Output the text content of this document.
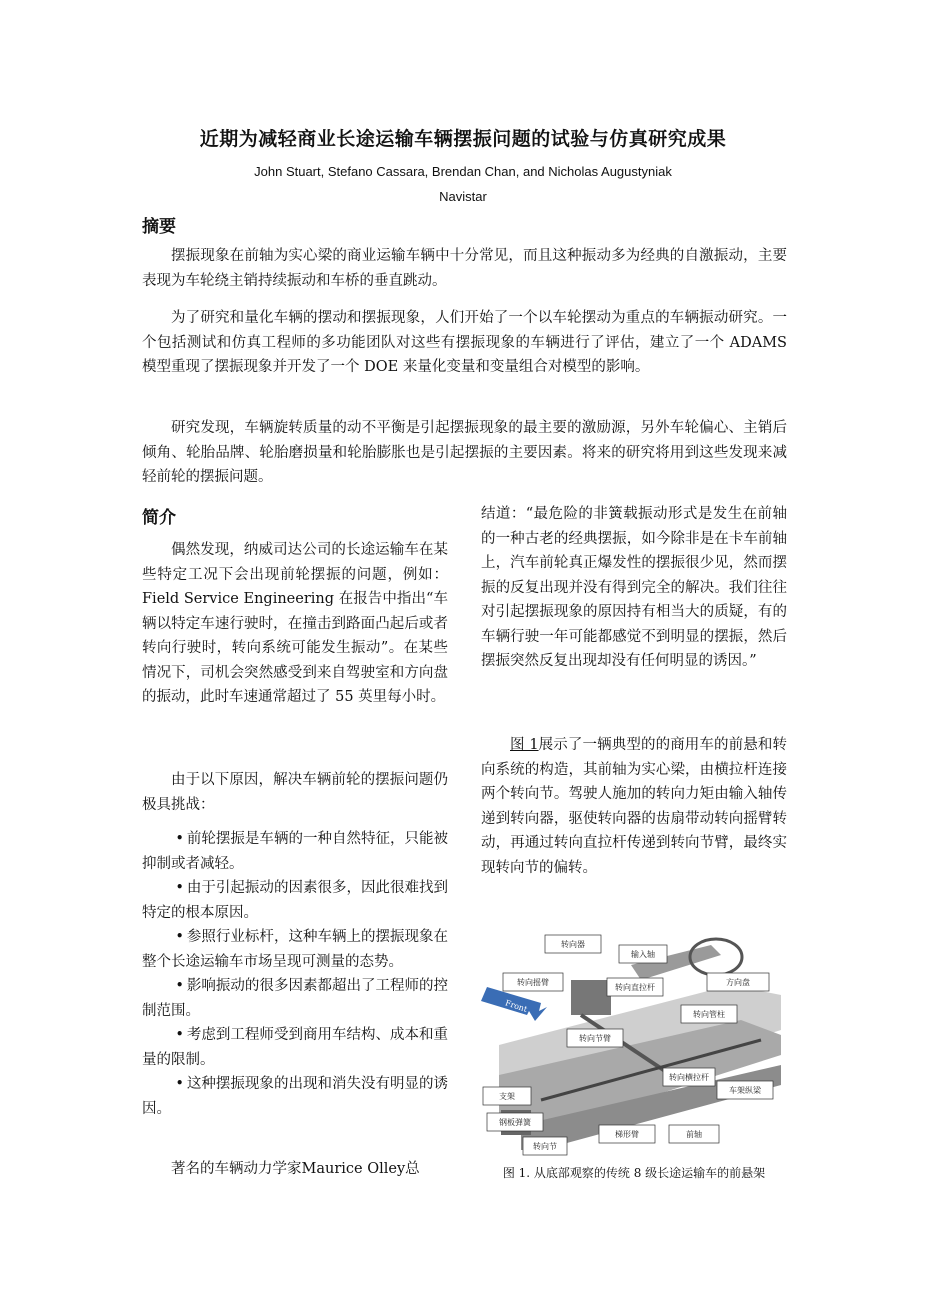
近期为减轻商业长途运输车辆摆振问题的试验与仿真研究成果
John Stuart, Stefano Cassara, Brendan Chan, and Nicholas Augustyniak
Navistar
摘要

摆振现象在前轴为实心梁的商业运输车辆中十分常见，而且这种振动多为经典的自激振动，主要表现为车轮绕主销持续振动和车桥的垂直跳动。

为了研究和量化车辆的摆动和摆振现象，人们开始了一个以车轮摆动为重点的车辆振动研究。一个包括测试和仿真工程师的多功能团队对这些有摆振现象的车辆进行了评估，建立了一个 ADAMS 模型重现了摆振现象并开发了一个 DOE 来量化变量和变量组合对模型的影响。

研究发现，车辆旋转质量的动不平衡是引起摆振现象的最主要的激励源，另外车轮偏心、主销后倾角、轮胎品牌、轮胎磨损量和轮胎膨胀也是引起摆振的主要因素。将来的研究将用到这些发现来减轻前轮的摆振问题。

简介

偶然发现，纳威司达公司的长途运输车在某些特定工况下会出现前轮摆振的问题，例如：Field Service Engineering 在报告中指出“车辆以特定车速行驶时，在撞击到路面凸起后或者转向行驶时，转向系统可能发生振动”。在某些情况下，司机会突然感受到来自驾驶室和方向盘的振动，此时车速通常超过了 55 英里每小时。

由于以下原因，解决车辆前轮的摆振问题仍极具挑战：

• 前轮摆振是车辆的一种自然特征，只能被抑制或者减轻。
• 由于引起振动的因素很多，因此很难找到特定的根本原因。
• 参照行业标杆，这种车辆上的摆振现象在整个长途运输车市场呈现可测量的态势。
• 影响振动的很多因素都超出了工程师的控制范围。
• 考虑到工程师受到商用车结构、成本和重量的限制。
• 这种摆振现象的出现和消失没有明显的诱因。

著名的车辆动力学家Maurice Olley总

结道：“最危险的非簧载振动形式是发生在前轴的一种古老的经典摆振，如今除非是在卡车前轴上，汽车前轮真正爆发性的摆振很少见，然而摆振的反复出现并没有得到完全的解决。我们往往对引起摆振现象的原因持有相当大的质疑，有的车辆行驶一年可能都感觉不到明显的摆振，然后摆振突然反复出现却没有任何明显的诱因。”

图 1展示了一辆典型的的商用车的前悬和转向系统的构造，其前轴为实心梁，由横拉杆连接两个转向节。驾驶人施加的转向力矩由输入轴传递到转向器，驱使转向器的齿扇带动转向摇臂转动，再通过转向直拉杆传递到转向节臂，最终实现转向节的偏转。

Front
转向器
输入轴
转向摇臂
转向直拉杆
方向盘
转向管柱
转向节臂
转向横拉杆
车架纵梁
支架
钢板弹簧
梯形臂	前轴
转向节
图 1. 从底部观察的传统 8 级长途运输车的前悬架
